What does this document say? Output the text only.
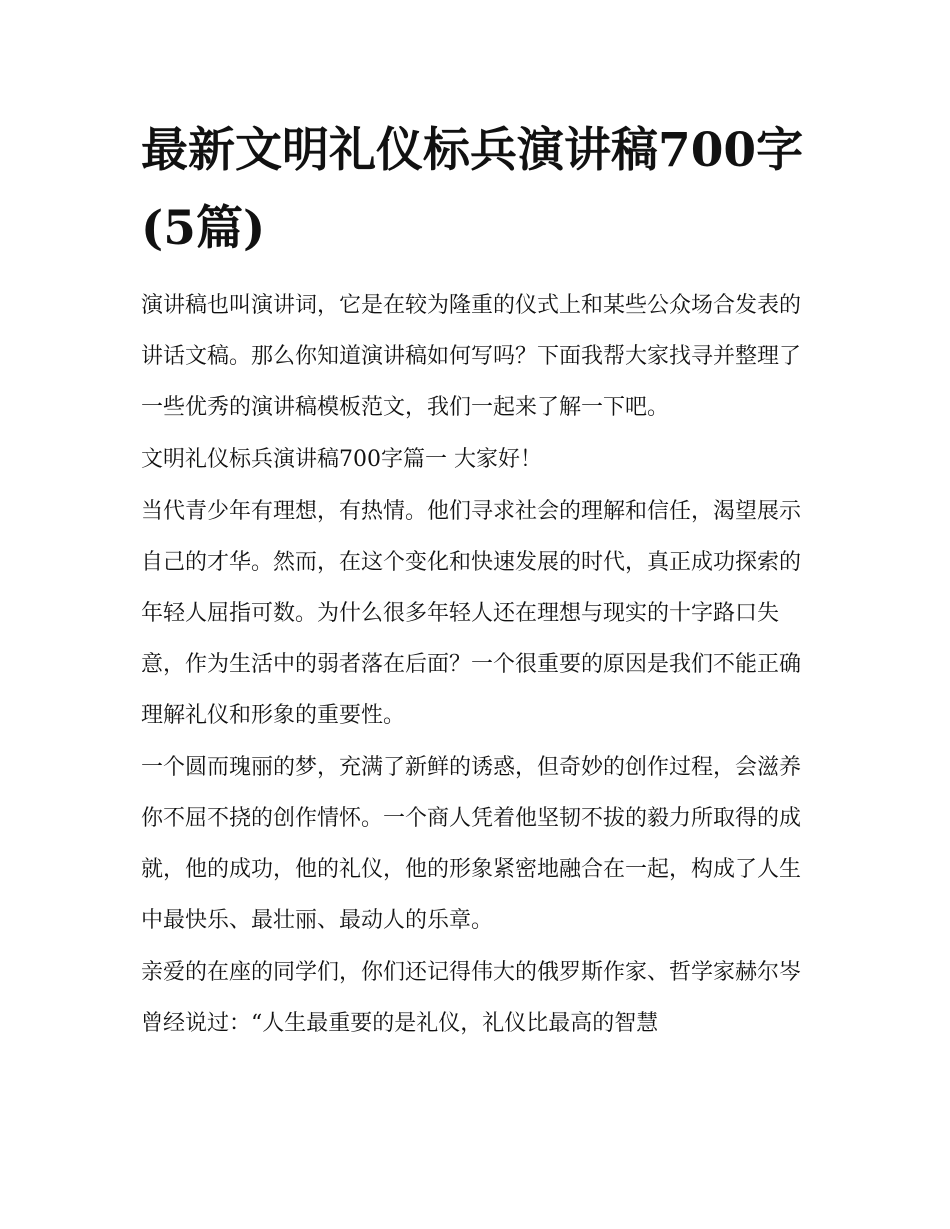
最新文明礼仪标兵演讲稿700字(5篇)

演讲稿也叫演讲词，它是在较为隆重的仪式上和某些公众场合发表的讲话文稿。那么你知道演讲稿如何写吗？下面我帮大家找寻并整理了一些优秀的演讲稿模板范文，我们一起来了解一下吧。

文明礼仪标兵演讲稿700字篇一 大家好！

当代青少年有理想，有热情。他们寻求社会的理解和信任，渴望展示自己的才华。然而，在这个变化和快速发展的时代，真正成功探索的年轻人屈指可数。为什么很多年轻人还在理想与现实的十字路口失意，作为生活中的弱者落在后面？一个很重要的原因是我们不能正确理解礼仪和形象的重要性。

一个圆而瑰丽的梦，充满了新鲜的诱惑，但奇妙的创作过程，会滋养你不屈不挠的创作情怀。一个商人凭着他坚韧不拔的毅力所取得的成就，他的成功，他的礼仪，他的形象紧密地融合在一起，构成了人生中最快乐、最壮丽、最动人的乐章。

亲爱的在座的同学们，你们还记得伟大的俄罗斯作家、哲学家赫尔岑曾经说过：“人生最重要的是礼仪，礼仪比最高的智慧
